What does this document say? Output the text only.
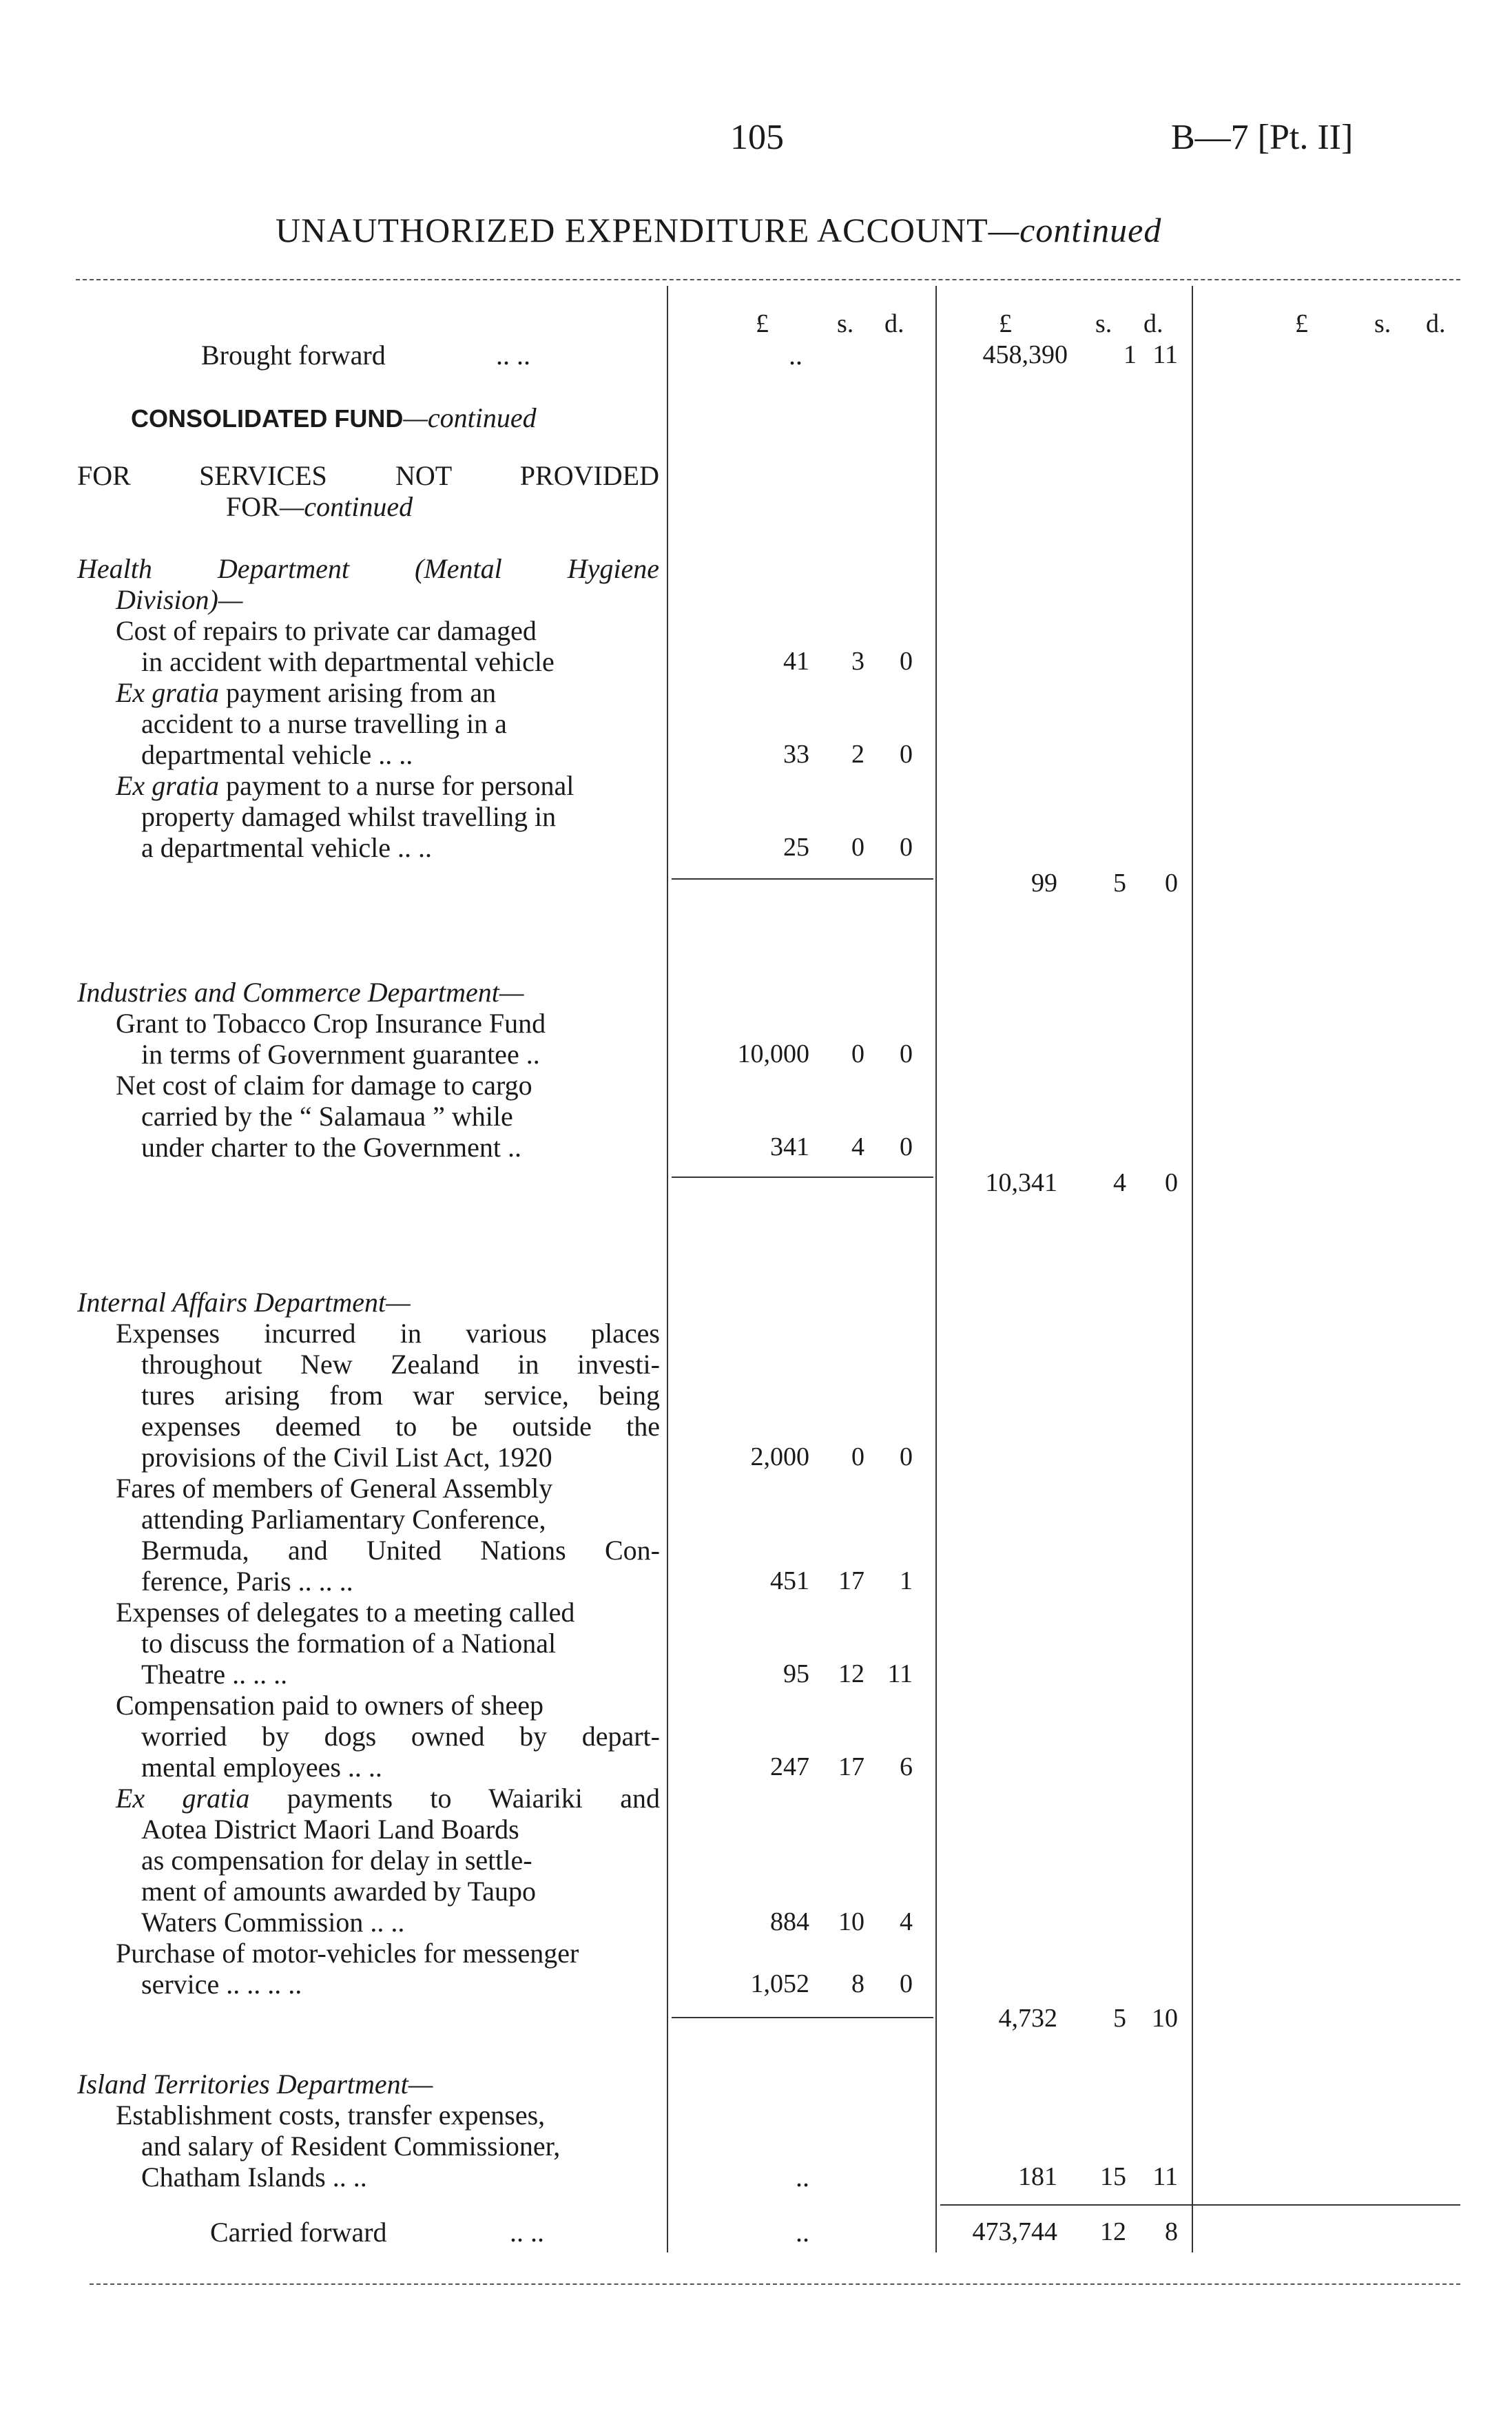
105	B—7 [Pt. II]
UNAUTHORIZED EXPENDITURE ACCOUNT—continued
£	s. d.	£	s. d.	£	s. d.
Brought forward	.. ..	..	458,390	1 11
CONSOLIDATED FUND—continued
FOR SERVICES NOT PROVIDED
FOR—continued
Health Department (Mental Hygiene
Division)—
Cost of repairs to private car damaged
in accident with departmental vehicle	41	3	0
Ex gratia payment arising from an
accident to a nurse travelling in a
departmental vehicle .. ..	33	2	0
Ex gratia payment to a nurse for personal
property damaged whilst travelling in
a departmental vehicle .. ..	25	0	0
99	5	0
Industries and Commerce Department—
Grant to Tobacco Crop Insurance Fund
in terms of Government guarantee ..	10,000	0	0
Net cost of claim for damage to cargo
carried by the “ Salamaua ” while
under charter to the Government ..	341	4	0
10,341	4	0
Internal Affairs Department—
Expenses incurred in various places
throughout New Zealand in investi-
tures arising from war service, being
expenses deemed to be outside the
provisions of the Civil List Act, 1920	2,000	0	0
Fares of members of General Assembly
attending Parliamentary Conference,
Bermuda, and United Nations Con-
ference, Paris .. .. ..	451	17	1
Expenses of delegates to a meeting called
to discuss the formation of a National
Theatre .. .. ..	95	12 11
Compensation paid to owners of sheep
worried by dogs owned by depart-
mental employees .. ..	247	17	6
Ex gratia payments to Waiariki and
Aotea District Maori Land Boards
as compensation for delay in settle-
ment of amounts awarded by Taupo
Waters Commission .. ..	884	10	4
Purchase of motor-vehicles for messenger
service .. .. .. ..	1,052	8	0
4,732	5 10
Island Territories Department—
Establishment costs, transfer expenses,
and salary of Resident Commissioner,
Chatham Islands .. ..	..	181	15	11
Carried forward	.. ..	..	473,744	12	8
